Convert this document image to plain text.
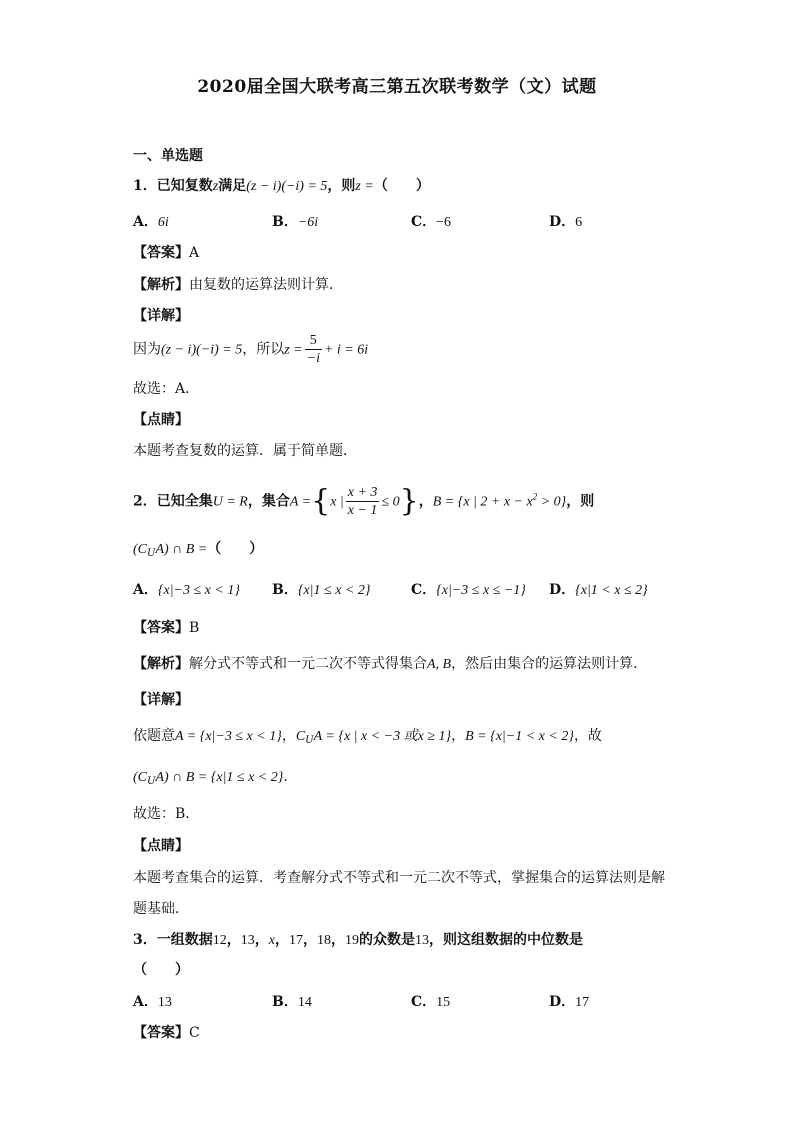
2020届全国大联考高三第五次联考数学（文）试题
一、单选题
1．已知复数z满足(z − i)(−i) = 5，则z =（　　）
A．6i	B．−6i	C．−6	D．6
【答案】A
【解析】由复数的运算法则计算．
【详解】
因为(z − i)(−i) = 5，所以$z = \frac{5}{-i} + i = 6i$
故选：A．
【点睛】
本题考查复数的运算．属于简单题．
2．已知全集U = R，集合A ={x | $\frac{x + 3}{x - 1} \le 0$}，B = {x | $2 + x - x^2 > 0$}，则
$(C_UA)$ ∩ B =（　　）
A．{x|−3 ≤ x < 1} B．{x|1 ≤ x < 2}	C．{x|−3 ≤ x ≤ −1} D．{x|1 < x ≤ 2}
【答案】B
【解析】解分式不等式和一元二次不等式得集合A, B，然后由集合的运算法则计算．
【详解】
依题意A = {x|−3 ≤ x < 1}，$C_UA = \{x$ | x < −3 或x ≥ 1}，B = {x|−1 < x < 2}，故
$(C_UA)$ ∩ B = {x|1 ≤ x < 2}．
故选：B．
【点睛】
本题考查集合的运算．考查解分式不等式和一元二次不等式，掌握集合的运算法则是解
题基础．
3．一组数据12，13，x，17，18，19的众数是13，则这组数据的中位数是
（　　）
A．13	B．14	C．15	D．17
【答案】C
